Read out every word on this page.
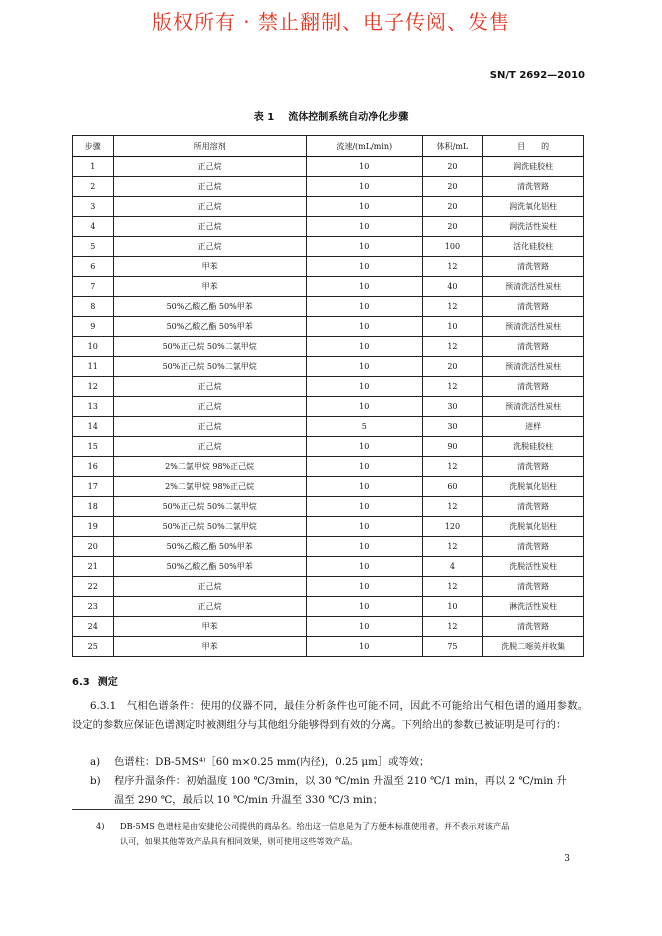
版权所有 · 禁止翻制、电子传阅、发售
SN/T 2692—2010
表 1 流体控制系统自动净化步骤
步骤	所用溶剂	流速/(mL/min)	体积/mL	目　　的
1	正己烷	10	20	润洗硅胶柱
2	正己烷	10	20	清洗管路
3	正己烷	10	20	润洗氧化铝柱
4	正己烷	10	20	润洗活性炭柱
5	正己烷	10	100	活化硅胶柱
6	甲苯	10	12	清洗管路
7	甲苯	10	40	预清洗活性炭柱
8	50%乙酸乙酯 50%甲苯	10	12	清洗管路
9	50%乙酸乙酯 50%甲苯	10	10	预清洗活性炭柱
10	50%正己烷 50%二氯甲烷	10	12	清洗管路
11	50%正己烷 50%二氯甲烷	10	20	预清洗活性炭柱
12	正己烷	10	12	清洗管路
13	正己烷	10	30	预清洗活性炭柱
14	正己烷	5	30	进样
15	正己烷	10	90	洗脱硅胶柱
16	2%二氯甲烷 98%正己烷	10	12	清洗管路
17	2%二氯甲烷 98%正己烷	10	60	洗脱氧化铝柱
18	50%正己烷 50%二氯甲烷	10	12	清洗管路
19	50%正己烷 50%二氯甲烷	10	120	洗脱氧化铝柱
20	50%乙酸乙酯 50%甲苯	10	12	清洗管路
21	50%乙酸乙酯 50%甲苯	10	4	洗脱活性炭柱
22	正己烷	10	12	清洗管路
23	正己烷	10	10	淋洗活性炭柱
24	甲苯	10	12	清洗管路
25	甲苯	10	75	洗脱二噁英并收集
6.3 测定
6.3.1　气相色谱条件：使用的仪器不同，最佳分析条件也可能不同，因此不可能给出气相色谱的通用参数。设定的参数应保证色谱测定时被测组分与其他组分能够得到有效的分离。下列给出的参数已被证明是可行的：
a) 色谱柱：DB-5MS⁴⁾［60 m×0.25 mm(内径)，0.25 μm］或等效；
b) 程序升温条件：初始温度 100 ℃/3min，以 30 ℃/min 升温至 210 ℃/1 min，再以 2 ℃/min 升
温至 290 ℃，最后以 10 ℃/min 升温至 330 ℃/3 min；
4) DB-5MS 色谱柱是由安捷伦公司提供的商品名。给出这一信息是为了方便本标准使用者，并不表示对该产品
认可，如果其他等效产品具有相同效果，则可使用这些等效产品。
3
